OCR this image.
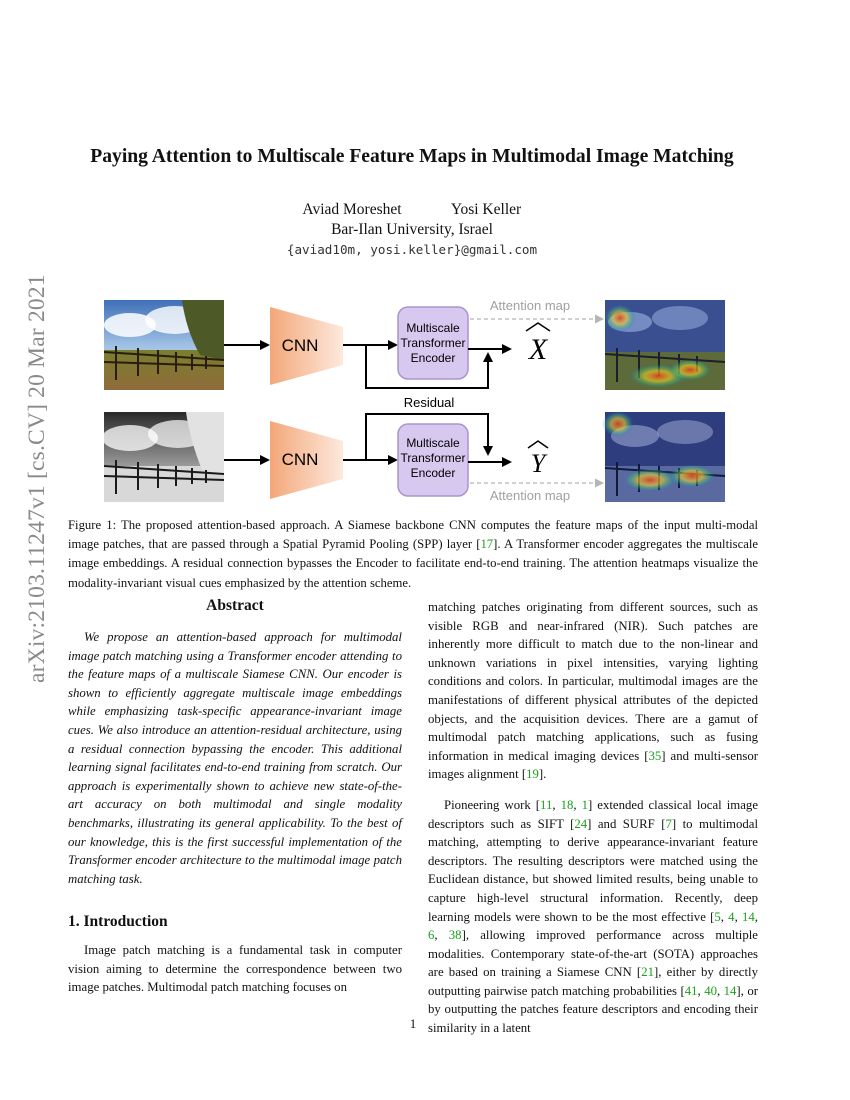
arXiv:2103.11247v1 [cs.CV] 20 Mar 2021
Paying Attention to Multiscale Feature Maps in Multimodal Image Matching
Aviad Moreshet	Yosi Keller
Bar-Ilan University, Israel
{aviad10m, yosi.keller}@gmail.com
CNN
CNN
Multiscale
Transformer
Encoder
Multiscale
Transformer
Encoder
Residual
X
Y
Attention map
Attention map
Figure 1: The proposed attention-based approach. A Siamese backbone CNN computes the feature maps of the input multi-modal image patches, that are passed through a Spatial Pyramid Pooling (SPP) layer [17]. A Transformer encoder aggregates the multiscale image embeddings. A residual connection bypasses the Encoder to facilitate end-to-end training. The attention heatmaps visualize the modality-invariant visual cues emphasized by the attention scheme.
Abstract

We propose an attention-based approach for multimodal image patch matching using a Transformer encoder attending to the feature maps of a multiscale Siamese CNN. Our encoder is shown to efficiently aggregate multiscale image embeddings while emphasizing task-specific appearance-invariant image cues. We also introduce an attention-residual architecture, using a residual connection bypassing the encoder. This additional learning signal facilitates end-to-end training from scratch. Our approach is experimentally shown to achieve new state-of-the-art accuracy on both multimodal and single modality benchmarks, illustrating its general applicability. To the best of our knowledge, this is the first successful implementation of the Transformer encoder architecture to the multimodal image patch matching task.

1. Introduction

Image patch matching is a fundamental task in computer vision aiming to determine the correspondence between two image patches. Multimodal patch matching focuses on

matching patches originating from different sources, such as visible RGB and near-infrared (NIR). Such patches are inherently more difficult to match due to the non-linear and unknown variations in pixel intensities, varying lighting conditions and colors. In particular, multimodal images are the manifestations of different physical attributes of the depicted objects, and the acquisition devices. There are a gamut of multimodal patch matching applications, such as fusing information in medical imaging devices [35] and multi-sensor images alignment [19].

Pioneering work [11, 18, 1] extended classical local image descriptors such as SIFT [24] and SURF [7] to multimodal matching, attempting to derive appearance-invariant feature descriptors. The resulting descriptors were matched using the Euclidean distance, but showed limited results, being unable to capture high-level structural information. Recently, deep learning models were shown to be the most effective [5, 4, 14, 6, 38], allowing improved performance across multiple modalities. Contemporary state-of-the-art (SOTA) approaches are based on training a Siamese CNN [21], either by directly outputting pairwise patch matching probabilities [41, 40, 14], or by outputting the patches feature descriptors and encoding their similarity in a latent

1
